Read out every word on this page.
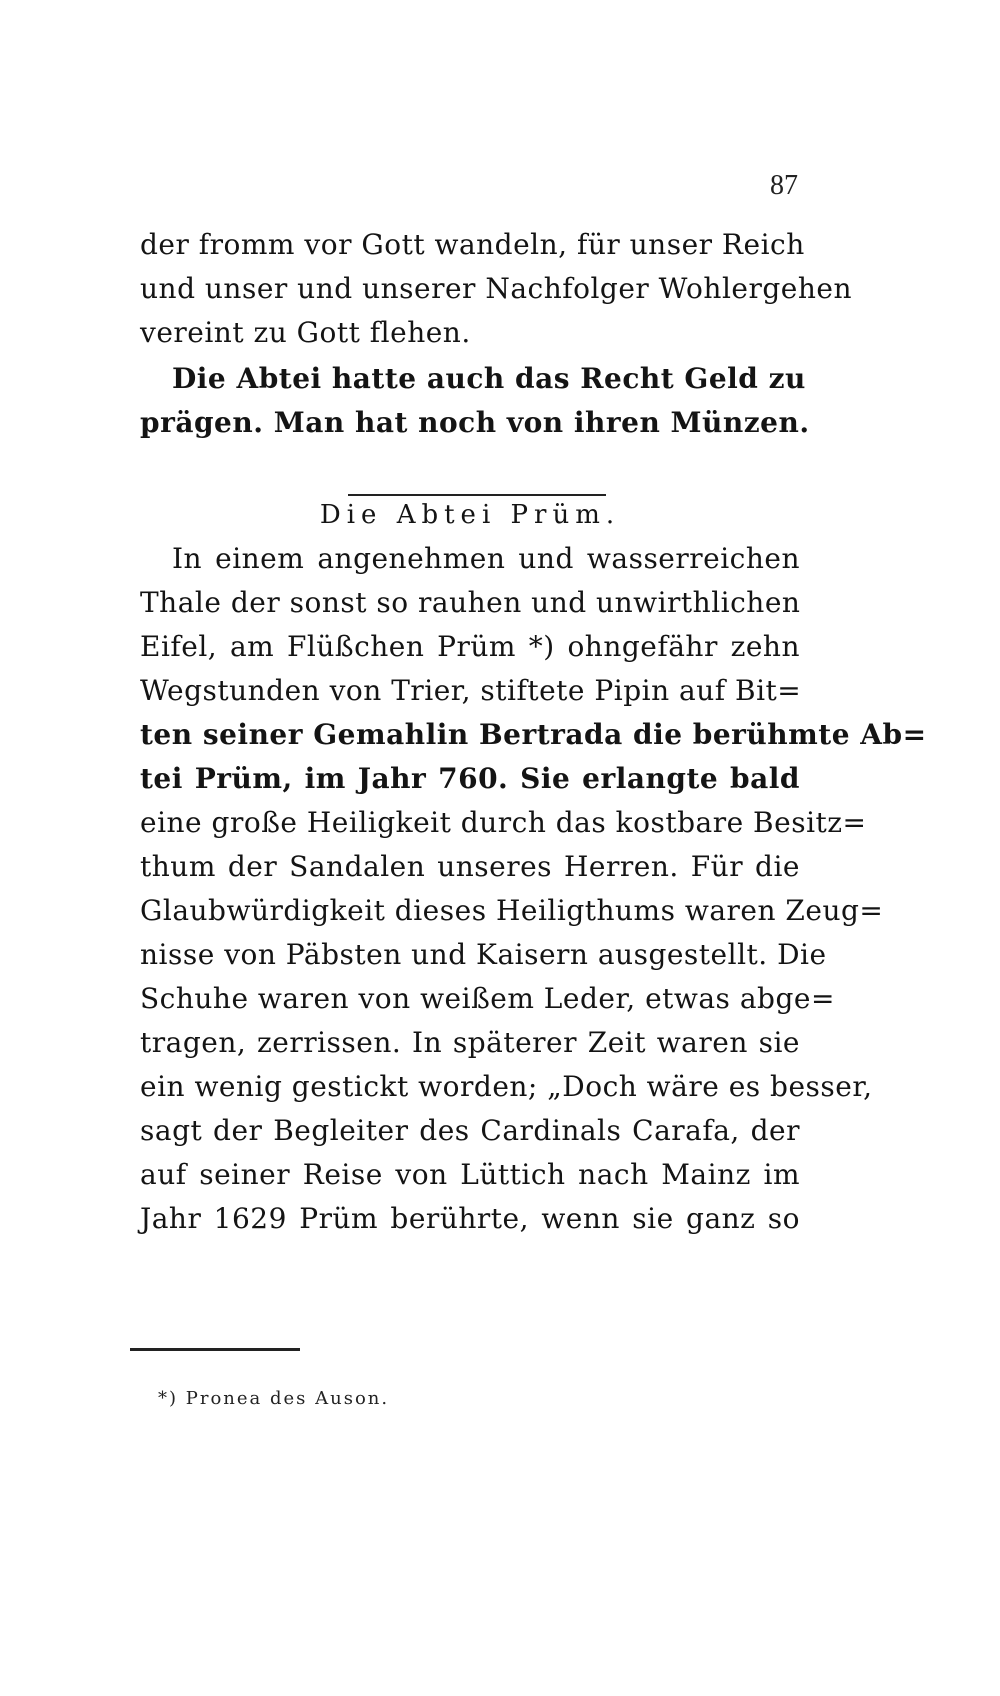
87
der fromm vor Gott wandeln, für unser Reich
und unser und unserer Nachfolger Wohlergehen
vereint zu Gott flehen.
Die Abtei hatte auch das Recht Geld zu
prägen. Man hat noch von ihren Münzen.
Die Abtei Prüm.
In einem angenehmen und wasserreichen
Thale der sonst so rauhen und unwirthlichen
Eifel, am Flüßchen Prüm *) ohngefähr zehn
Wegstunden von Trier, stiftete Pipin auf Bit=
ten seiner Gemahlin Bertrada die berühmte Ab=
tei Prüm, im Jahr 760. Sie erlangte bald
eine große Heiligkeit durch das kostbare Besitz=
thum der Sandalen unseres Herren. Für die
Glaubwürdigkeit dieses Heiligthums waren Zeug=
nisse von Päbsten und Kaisern ausgestellt. Die
Schuhe waren von weißem Leder, etwas abge=
tragen, zerrissen. In späterer Zeit waren sie
ein wenig gestickt worden; „Doch wäre es besser,
sagt der Begleiter des Cardinals Carafa, der
auf seiner Reise von Lüttich nach Mainz im
Jahr 1629 Prüm berührte, wenn sie ganz so
*) Pronea des Auson.
